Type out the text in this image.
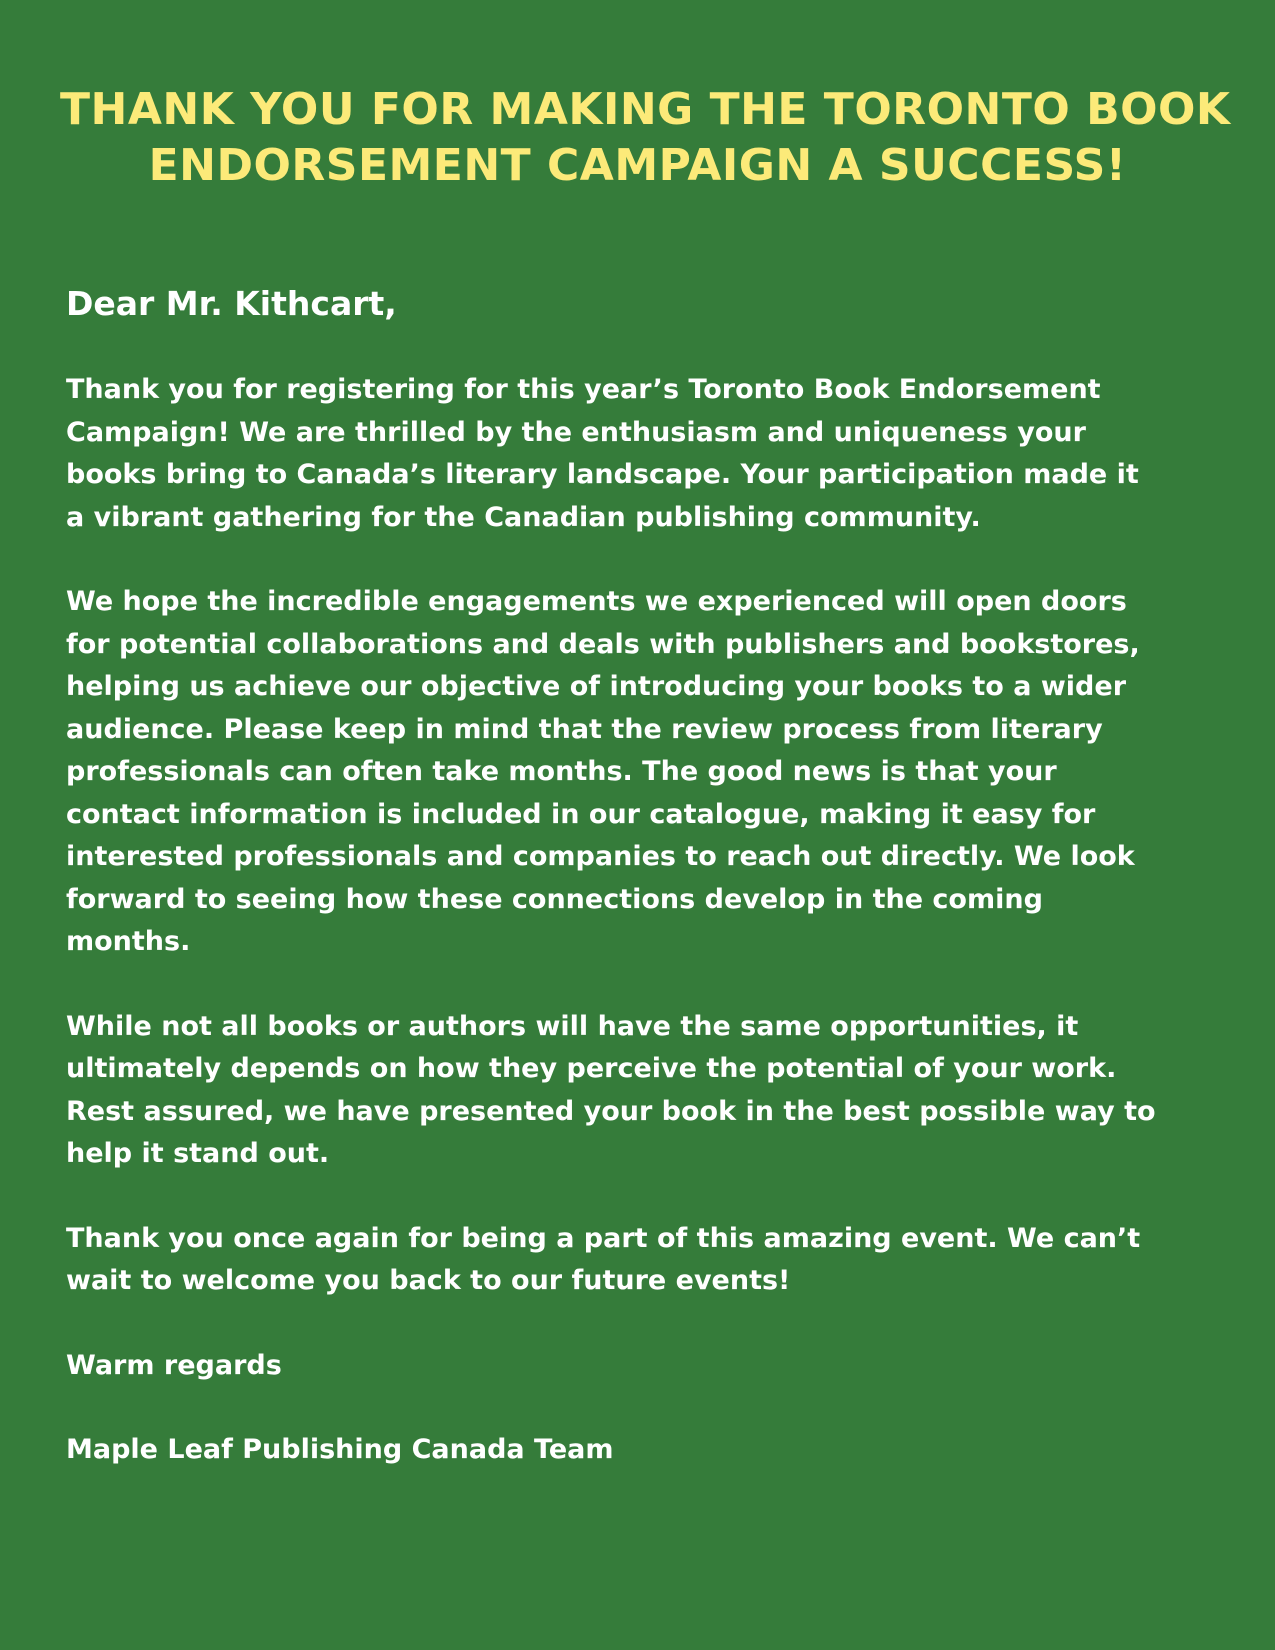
THANK YOU FOR MAKING THE TORONTO BOOK
ENDORSEMENT CAMPAIGN A SUCCESS!

Dear Mr. Kithcart,

Thank you for registering for this year’s Toronto Book Endorsement
Campaign! We are thrilled by the enthusiasm and uniqueness your
books bring to Canada’s literary landscape. Your participation made it
a vibrant gathering for the Canadian publishing community.

We hope the incredible engagements we experienced will open doors
for potential collaborations and deals with publishers and bookstores,
helping us achieve our objective of introducing your books to a wider
audience. Please keep in mind that the review process from literary
professionals can often take months. The good news is that your
contact information is included in our catalogue, making it easy for
interested professionals and companies to reach out directly. We look
forward to seeing how these connections develop in the coming
months.

While not all books or authors will have the same opportunities, it
ultimately depends on how they perceive the potential of your work.
Rest assured, we have presented your book in the best possible way to
help it stand out.

Thank you once again for being a part of this amazing event. We can’t
wait to welcome you back to our future events!

Warm regards

Maple Leaf Publishing Canada Team
